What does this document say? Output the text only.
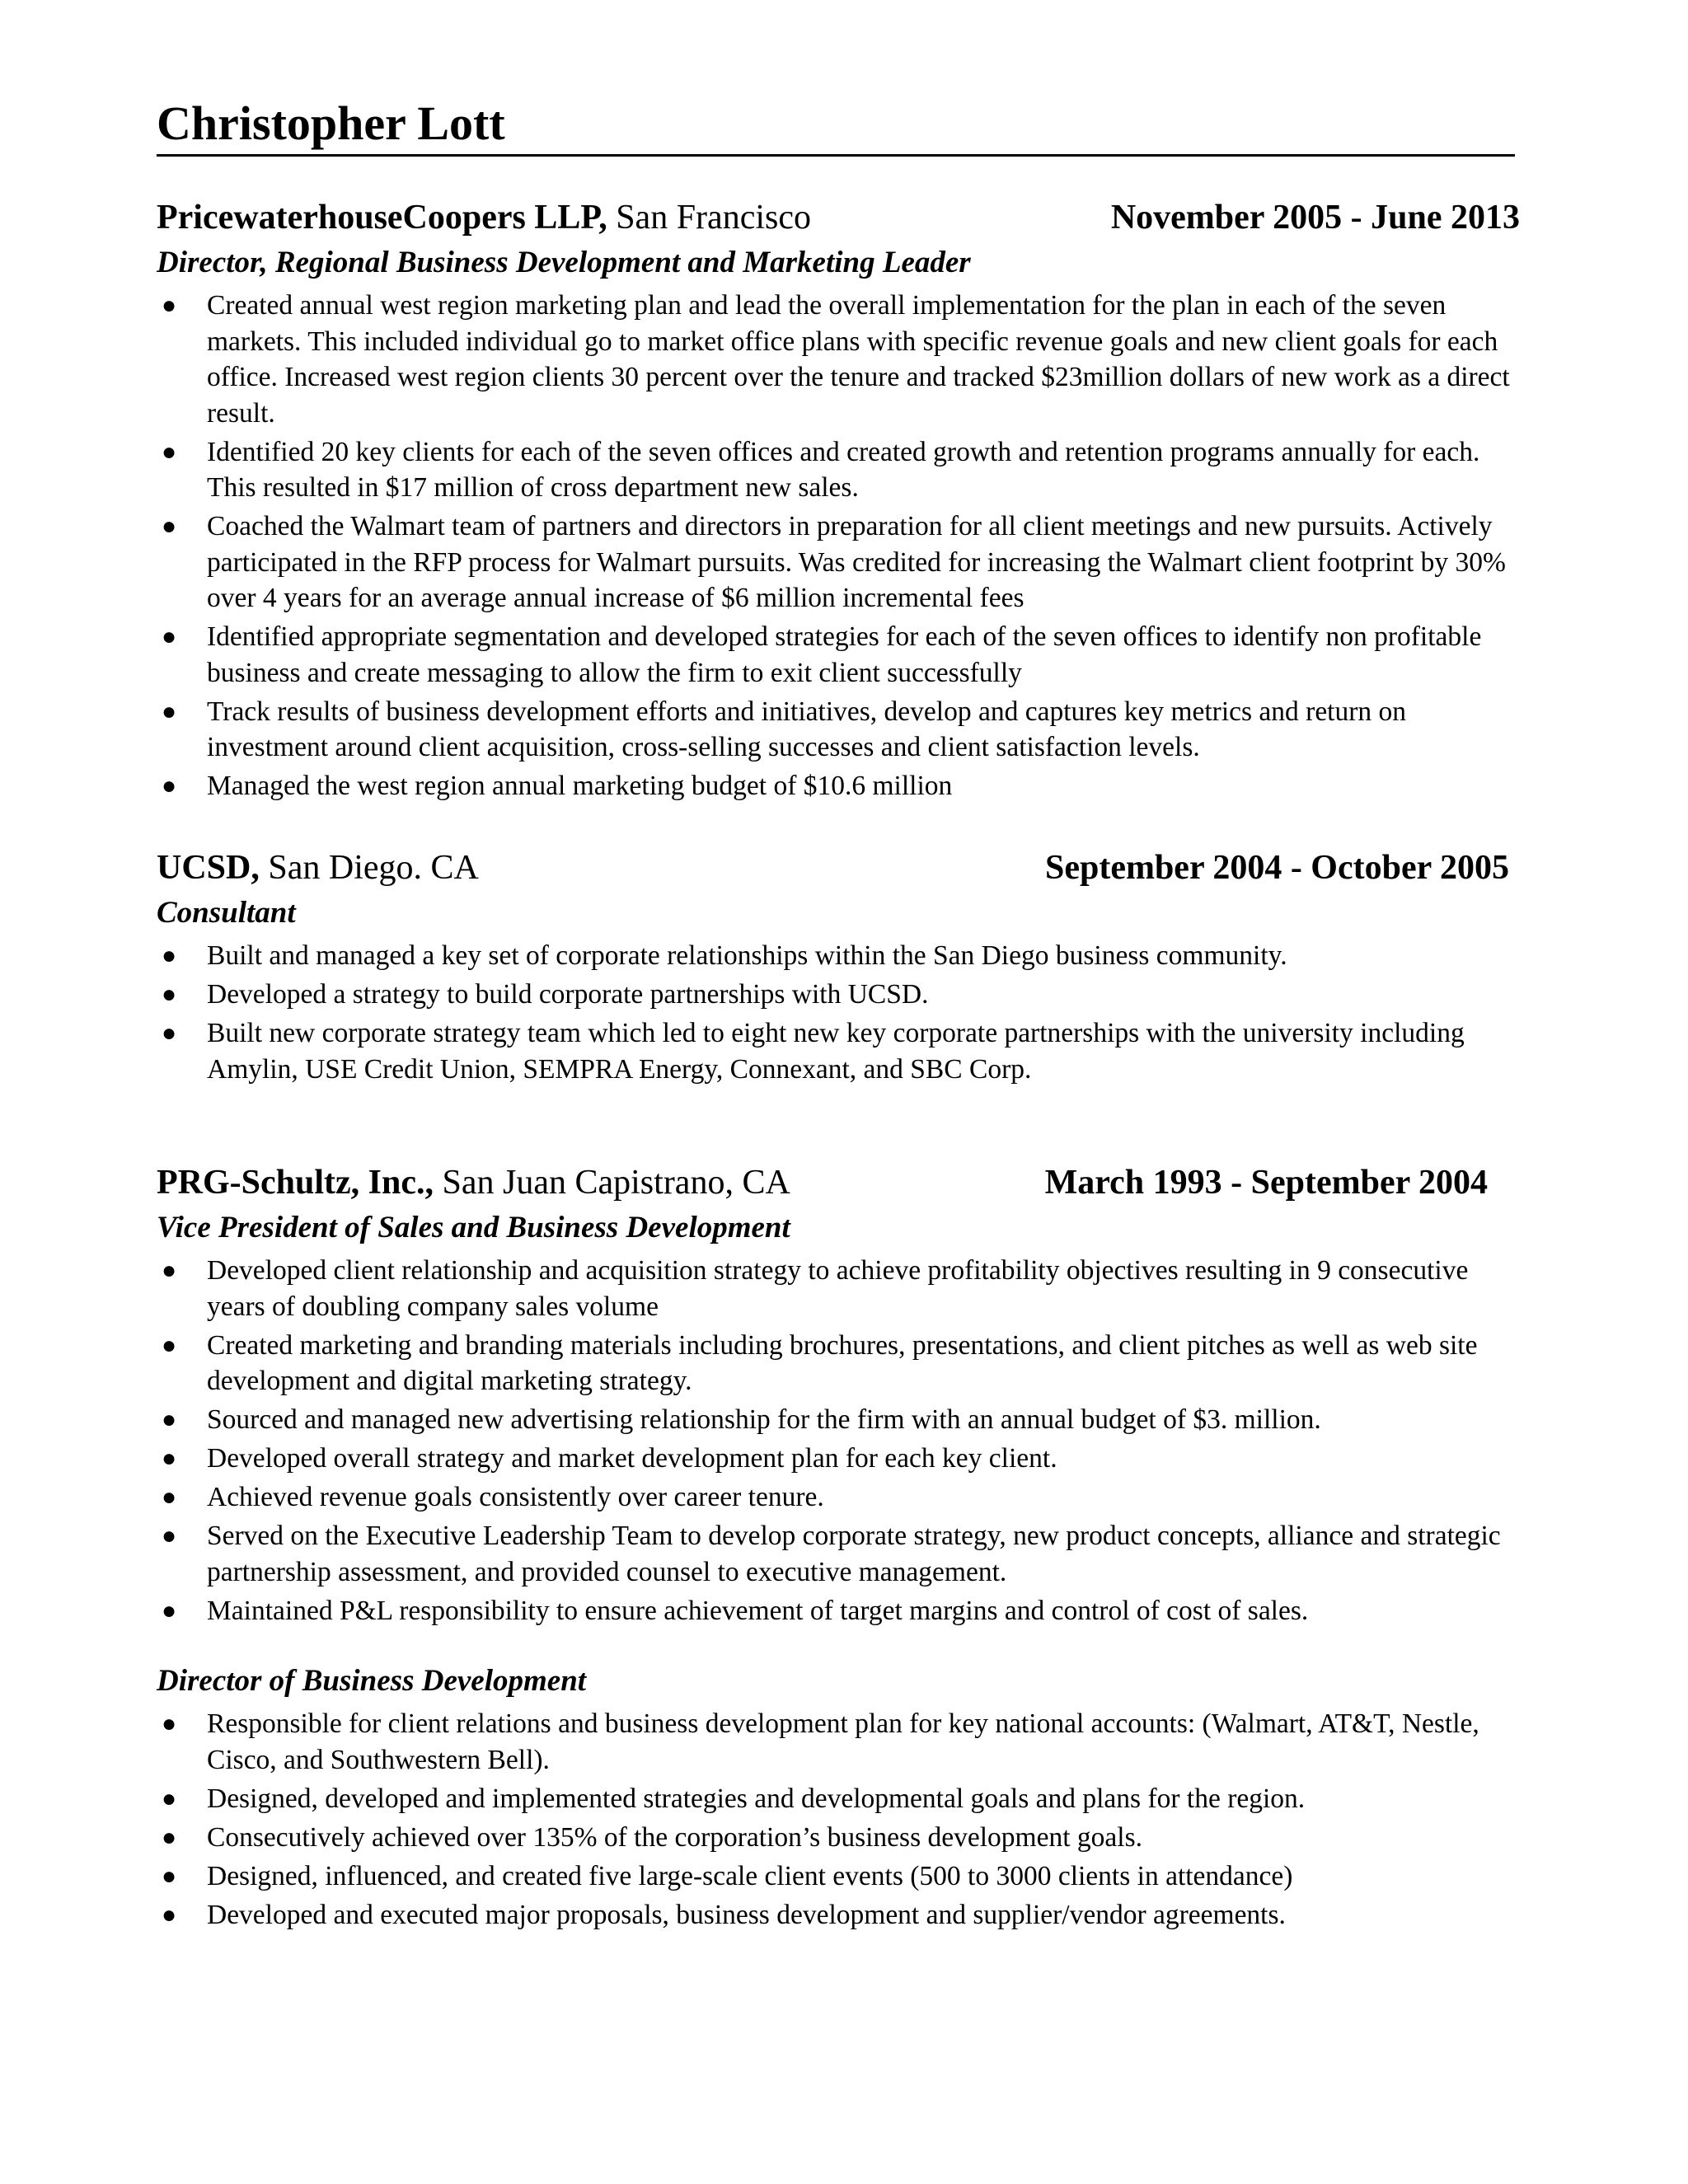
Christopher Lott
PricewaterhouseCoopers LLP, San Francisco	November 2005 - June 2013
Director, Regional Business Development and Marketing Leader
● Created annual west region marketing plan and lead the overall implementation for the plan in each of the seven markets. This included individual go to market office plans with specific revenue goals and new client goals for each office. Increased west region clients 30 percent over the tenure and tracked $23million dollars of new work as a direct result.
● Identified 20 key clients for each of the seven offices and created growth and retention programs annually for each. This resulted in $17 million of cross department new sales.
● Coached the Walmart team of partners and directors in preparation for all client meetings and new pursuits. Actively participated in the RFP process for Walmart pursuits. Was credited for increasing the Walmart client footprint by 30% over 4 years for an average annual increase of $6 million incremental fees
● Identified appropriate segmentation and developed strategies for each of the seven offices to identify non profitable business and create messaging to allow the firm to exit client successfully
● Track results of business development efforts and initiatives, develop and captures key metrics and return on investment around client acquisition, cross-selling successes and client satisfaction levels.
● Managed the west region annual marketing budget of $10.6 million
UCSD, San Diego. CA	September 2004 - October 2005
Consultant
● Built and managed a key set of corporate relationships within the San Diego business community.
● Developed a strategy to build corporate partnerships with UCSD.
● Built new corporate strategy team which led to eight new key corporate partnerships with the university including Amylin, USE Credit Union, SEMPRA Energy, Connexant, and SBC Corp.
PRG-Schultz, Inc., San Juan Capistrano, CA	March 1993 - September 2004
Vice President of Sales and Business Development
● Developed client relationship and acquisition strategy to achieve profitability objectives resulting in 9 consecutive years of doubling company sales volume
● Created marketing and branding materials including brochures, presentations, and client pitches as well as web site development and digital marketing strategy.
● Sourced and managed new advertising relationship for the firm with an annual budget of $3. million.
● Developed overall strategy and market development plan for each key client.
● Achieved revenue goals consistently over career tenure.
● Served on the Executive Leadership Team to develop corporate strategy, new product concepts, alliance and strategic partnership assessment, and provided counsel to executive management.
● Maintained P&L responsibility to ensure achievement of target margins and control of cost of sales.
Director of Business Development
● Responsible for client relations and business development plan for key national accounts: (Walmart, AT&T, Nestle, Cisco, and Southwestern Bell).
● Designed, developed and implemented strategies and developmental goals and plans for the region.
● Consecutively achieved over 135% of the corporation’s business development goals.
● Designed, influenced, and created five large-scale client events (500 to 3000 clients in attendance)
● Developed and executed major proposals, business development and supplier/vendor agreements.
